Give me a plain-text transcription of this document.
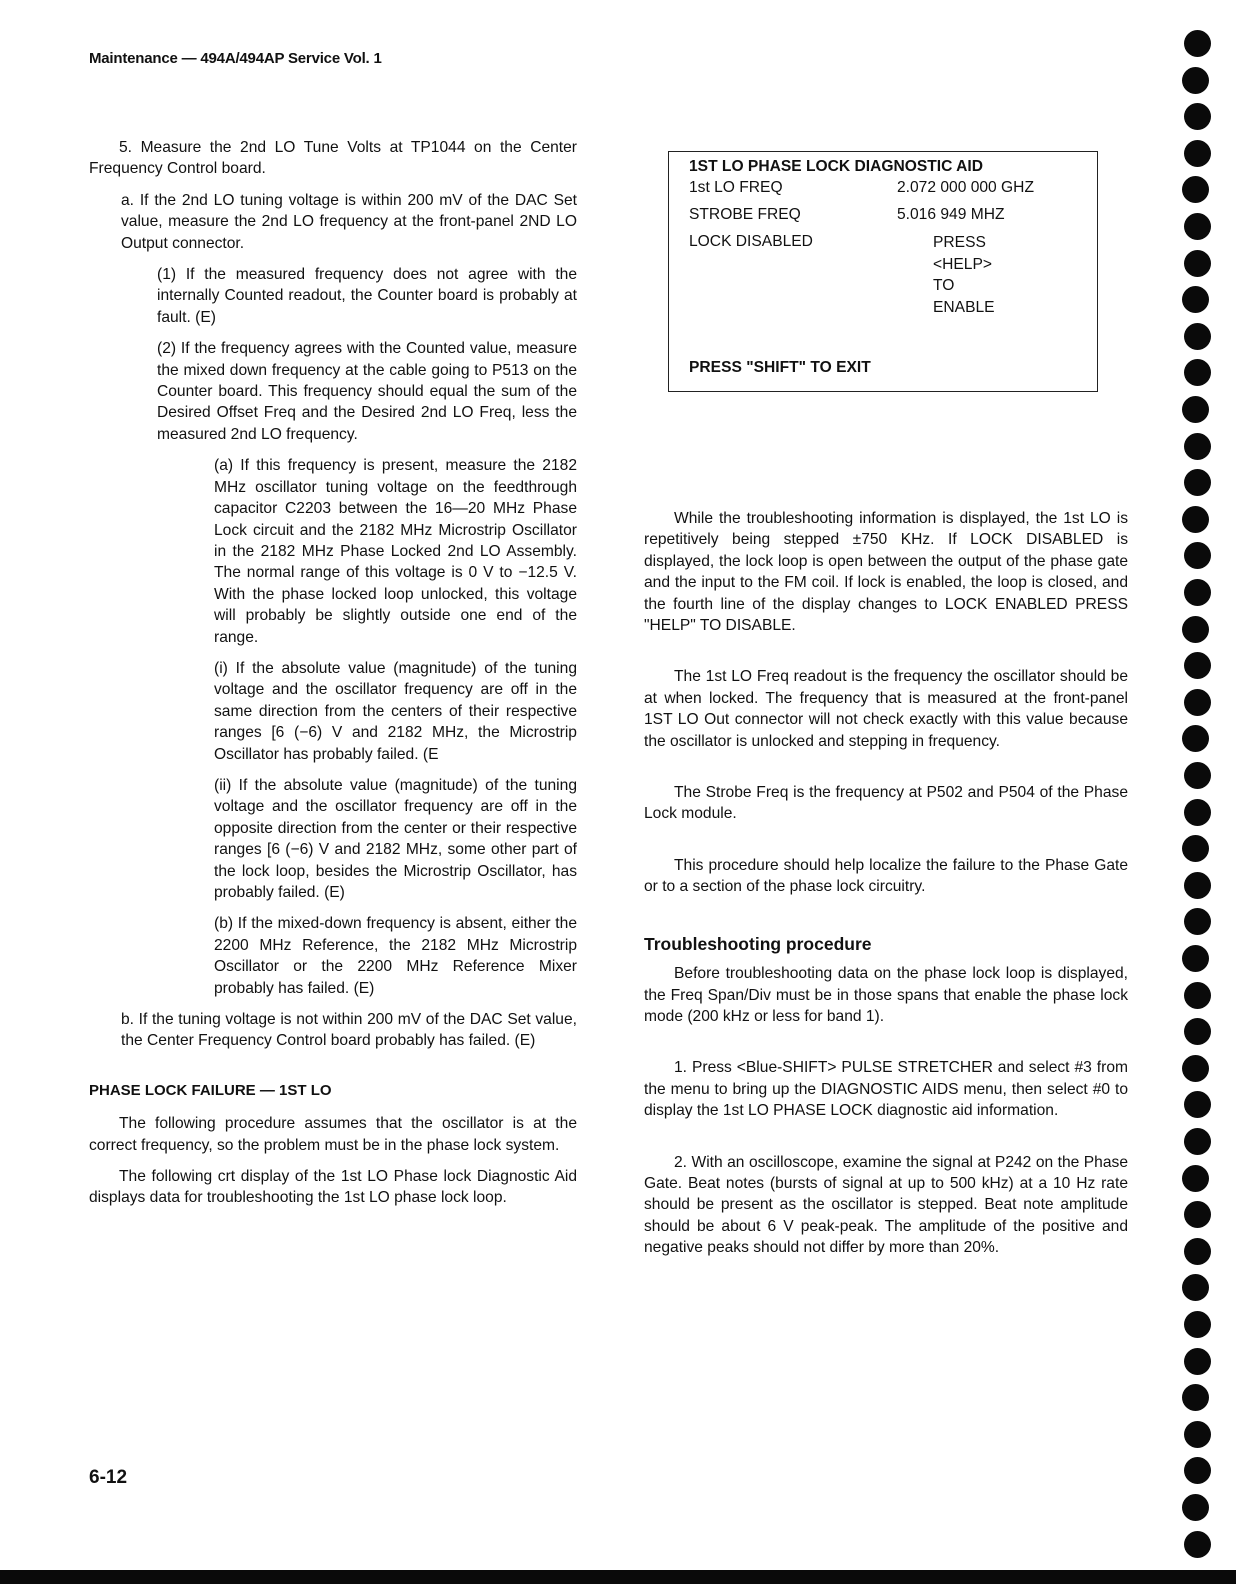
Maintenance — 494A/494AP Service Vol. 1

5. Measure the 2nd LO Tune Volts at TP1044 on the Center Frequency Control board.

a. If the 2nd LO tuning voltage is within 200 mV of the DAC Set value, measure the 2nd LO frequency at the front-panel 2ND LO Output connector.

(1) If the measured frequency does not agree with the internally Counted readout, the Counter board is probably at fault. (E)

(2) If the frequency agrees with the Counted value, measure the mixed down frequency at the cable going to P513 on the Counter board. This frequency should equal the sum of the Desired Offset Freq and the Desired 2nd LO Freq, less the measured 2nd LO frequency.

(a) If this frequency is present, measure the 2182 MHz oscillator tuning voltage on the feedthrough capacitor C2203 between the 16—20 MHz Phase Lock circuit and the 2182 MHz Microstrip Oscillator in the 2182 MHz Phase Locked 2nd LO Assembly. The normal range of this voltage is 0 V to −12.5 V. With the phase locked loop unlocked, this voltage will probably be slightly outside one end of the range.

(i) If the absolute value (magnitude) of the tuning voltage and the oscillator frequency are off in the same direction from the centers of their respective ranges [6 (−6) V and 2182 MHz, the Microstrip Oscillator has probably failed. (E

(ii) If the absolute value (magnitude) of the tuning voltage and the oscillator frequency are off in the opposite direction from the center or their respective ranges [6 (−6) V and 2182 MHz, some other part of the lock loop, besides the Microstrip Oscillator, has probably failed. (E)

(b) If the mixed-down frequency is absent, either the 2200 MHz Reference, the 2182 MHz Microstrip Oscillator or the 2200 MHz Reference Mixer probably has failed. (E)

b. If the tuning voltage is not within 200 mV of the DAC Set value, the Center Frequency Control board probably has failed. (E)

PHASE LOCK FAILURE — 1ST LO

The following procedure assumes that the oscillator is at the correct frequency, so the problem must be in the phase lock system.

The following crt display of the 1st LO Phase lock Diagnostic Aid displays data for troubleshooting the 1st LO phase lock loop.

1ST LO PHASE LOCK DIAGNOSTIC AID
1st LO FREQ	2.072 000 000 GHZ
STROBE FREQ	5.016 949 MHZ
LOCK DISABLED	PRESS
<HELP>
TO
ENABLE
PRESS "SHIFT" TO EXIT

While the troubleshooting information is displayed, the 1st LO is repetitively being stepped ±750 KHz. If LOCK DISABLED is displayed, the lock loop is open between the output of the phase gate and the input to the FM coil. If lock is enabled, the loop is closed, and the fourth line of the display changes to LOCK ENABLED PRESS "HELP" TO DISABLE.

The 1st LO Freq readout is the frequency the oscillator should be at when locked. The frequency that is measured at the front-panel 1ST LO Out connector will not check exactly with this value because the oscillator is unlocked and stepping in frequency.

The Strobe Freq is the frequency at P502 and P504 of the Phase Lock module.

This procedure should help localize the failure to the Phase Gate or to a section of the phase lock circuitry.

Troubleshooting procedure

Before troubleshooting data on the phase lock loop is displayed, the Freq Span/Div must be in those spans that enable the phase lock mode (200 kHz or less for band 1).

1. Press <Blue-SHIFT> PULSE STRETCHER and select #3 from the menu to bring up the DIAGNOSTIC AIDS menu, then select #0 to display the 1st LO PHASE LOCK diagnostic aid information.

2. With an oscilloscope, examine the signal at P242 on the Phase Gate. Beat notes (bursts of signal at up to 500 kHz) at a 10 Hz rate should be present as the oscillator is stepped. Beat note amplitude should be about 6 V peak-peak. The amplitude of the positive and negative peaks should not differ by more than 20%.

6-12
